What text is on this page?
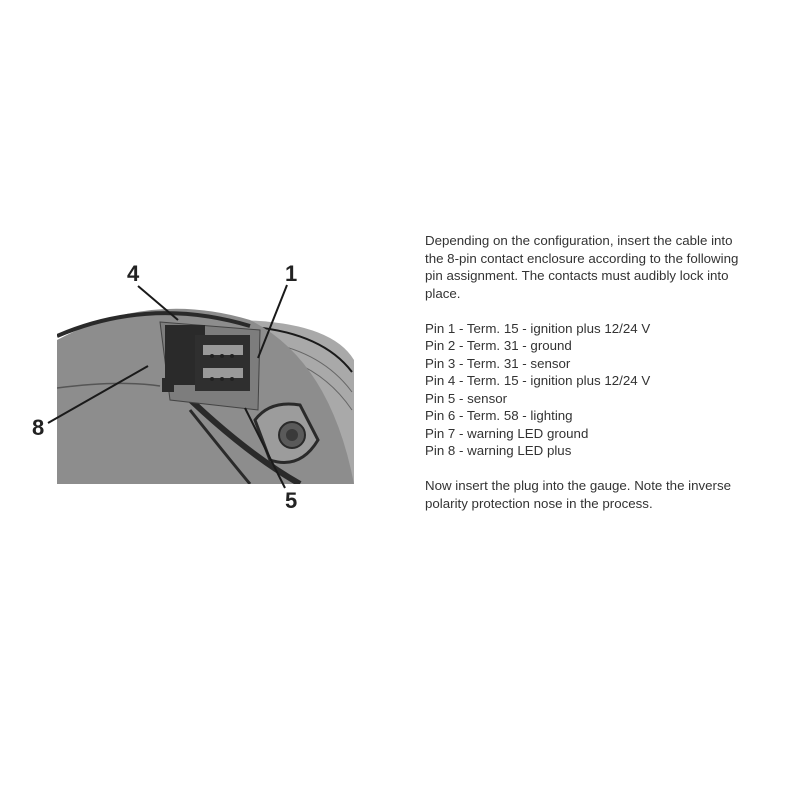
4	1
8
5

Depending on the configuration, insert the cable into

the 8-pin contact enclosure according to the following

pin assignment. The contacts must audibly lock into

place.

Pin 1 - Term. 15 - ignition plus 12/24 V

Pin 2 - Term. 31 - ground

Pin 3 - Term. 31 - sensor

Pin 4 - Term. 15 - ignition plus 12/24 V

Pin 5 - sensor

Pin 6 - Term. 58 - lighting

Pin 7 - warning LED ground

Pin 8 - warning LED plus

Now insert the plug into the gauge. Note the inverse

polarity protection nose in the process.
